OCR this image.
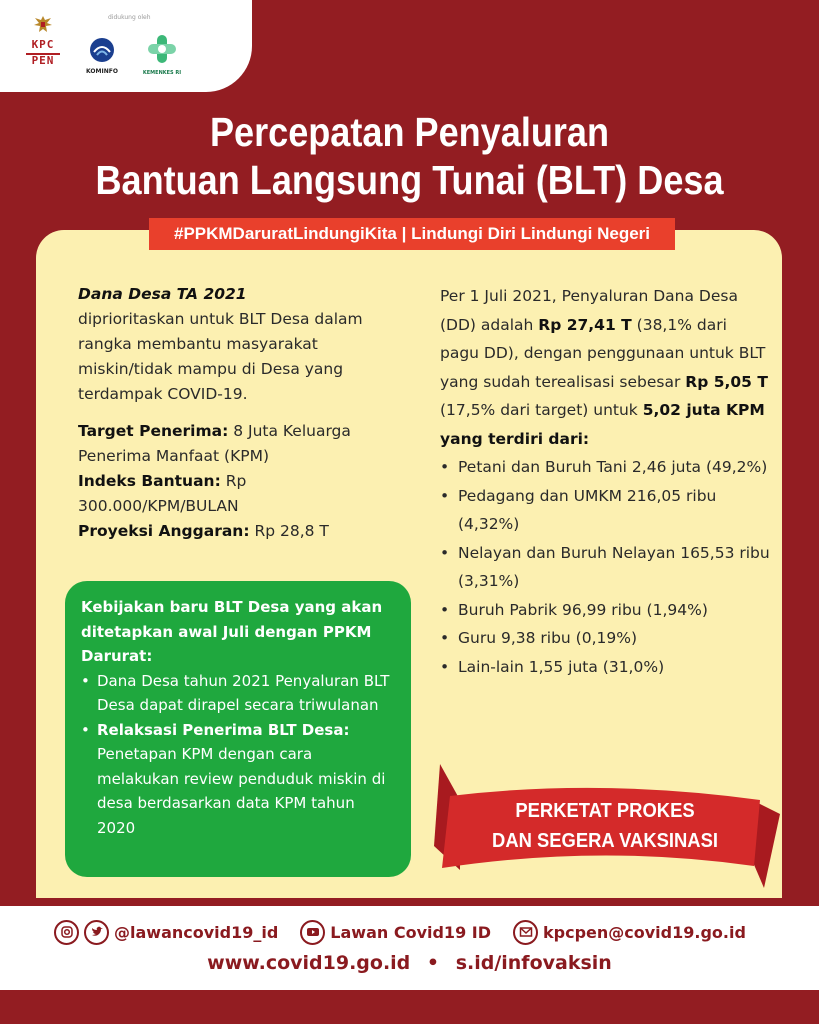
KPC
PEN
didukung oleh
KOMINFO	KEMENKES RI
Percepatan Penyaluran
Bantuan Langsung Tunai (BLT) Desa
#PPKMDaruratLindungiKita | Lindungi Diri Lindungi Negeri
Dana Desa TA 2021
diprioritaskan untuk BLT Desa dalam rangka membantu masyarakat miskin/tidak mampu di Desa yang terdampak COVID-19.
Target Penerima: 8 Juta Keluarga Penerima Manfaat (KPM)
Indeks Bantuan: Rp 300.000/KPM/BULAN
Proyeksi Anggaran: Rp 28,8 T
Kebijakan baru BLT Desa yang akan ditetapkan awal Juli dengan PPKM Darurat:
• Dana Desa tahun 2021 Penyaluran BLT Desa dapat dirapel secara triwulanan
• Relaksasi Penerima BLT Desa: Penetapan KPM dengan cara melakukan review penduduk miskin di desa berdasarkan data KPM tahun 2020
Per 1 Juli 2021, Penyaluran Dana Desa (DD) adalah Rp 27,41 T (38,1% dari pagu DD), dengan penggunaan untuk BLT yang sudah terealisasi sebesar Rp 5,05 T (17,5% dari target) untuk 5,02 juta KPM yang terdiri dari:
• Petani dan Buruh Tani 2,46 juta (49,2%)
• Pedagang dan UMKM 216,05 ribu (4,32%)
• Nelayan dan Buruh Nelayan 165,53 ribu (3,31%)
• Buruh Pabrik 96,99 ribu (1,94%)
• Guru 9,38 ribu (0,19%)
• Lain-lain 1,55 juta (31,0%)
PERKETAT PROKES
DAN SEGERA VAKSINASI
@lawancovid19_id	Lawan Covid19 ID	kpcpen@covid19.go.id
www.covid19.go.id • s.id/infovaksin
